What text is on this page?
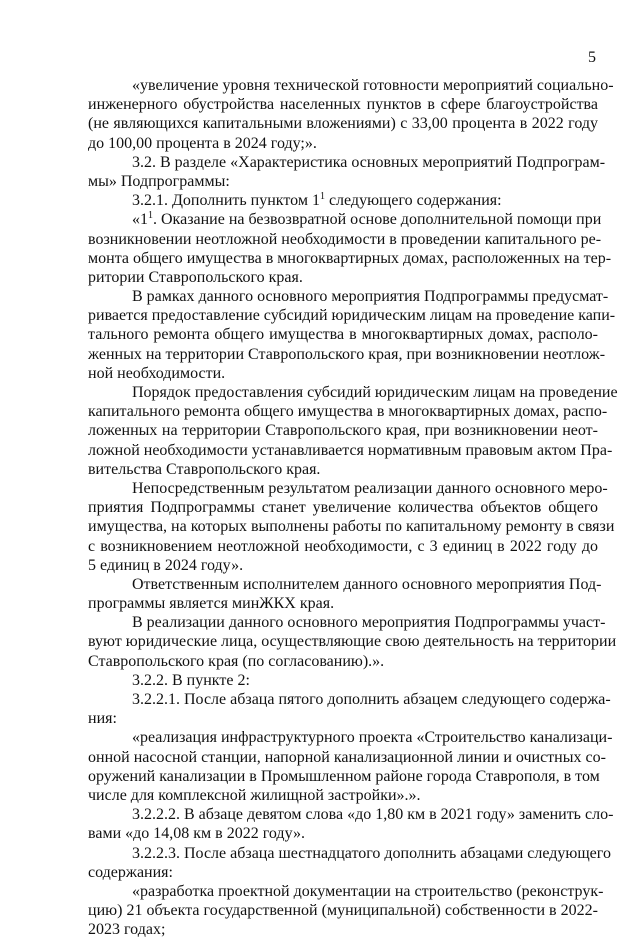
5
«увеличение уровня технической готовности мероприятий социально-
инженерного обустройства населенных пунктов в сфере благоустройства
(не являющихся капитальными вложениями) с 33,00 процента в 2022 году
до 100,00 процента в 2024 году;».
3.2. В разделе «Характеристика основных мероприятий Подпрограм-
мы» Подпрограммы:
3.2.1. Дополнить пунктом $1^1$ следующего содержания:
«$1^1$. Оказание на безвозвратной основе дополнительной помощи при
возникновении неотложной необходимости в проведении капитального ре-
монта общего имущества в многоквартирных домах, расположенных на тер-
ритории Ставропольского края.
В рамках данного основного мероприятия Подпрограммы предусмат-
ривается предоставление субсидий юридическим лицам на проведение капи-
тального ремонта общего имущества в многоквартирных домах, располо-
женных на территории Ставропольского края, при возникновении неотлож-
ной необходимости.
Порядок предоставления субсидий юридическим лицам на проведение
капитального ремонта общего имущества в многоквартирных домах, распо-
ложенных на территории Ставропольского края, при возникновении неот-
ложной необходимости устанавливается нормативным правовым актом Пра-
вительства Ставропольского края.
Непосредственным результатом реализации данного основного меро-
приятия Подпрограммы станет увеличение количества объектов общего
имущества, на которых выполнены работы по капитальному ремонту в связи
с возникновением неотложной необходимости, с 3 единиц в 2022 году до
5 единиц в 2024 году».
Ответственным исполнителем данного основного мероприятия Под-
программы является минЖКХ края.
В реализации данного основного мероприятия Подпрограммы участ-
вуют юридические лица, осуществляющие свою деятельность на территории
Ставропольского края (по согласованию).».
3.2.2. В пункте 2:
3.2.2.1. После абзаца пятого дополнить абзацем следующего содержа-
ния:
«реализация инфраструктурного проекта «Строительство канализаци-
онной насосной станции, напорной канализационной линии и очистных со-
оружений канализации в Промышленном районе города Ставрополя, в том
числе для комплексной жилищной застройки».».
3.2.2.2. В абзаце девятом слова «до 1,80 км в 2021 году» заменить сло-
вами «до 14,08 км в 2022 году».
3.2.2.3. После абзаца шестнадцатого дополнить абзацами следующего
содержания:
«разработка проектной документации на строительство (реконструк-
цию) 21 объекта государственной (муниципальной) собственности в 2022-
2023 годах;
